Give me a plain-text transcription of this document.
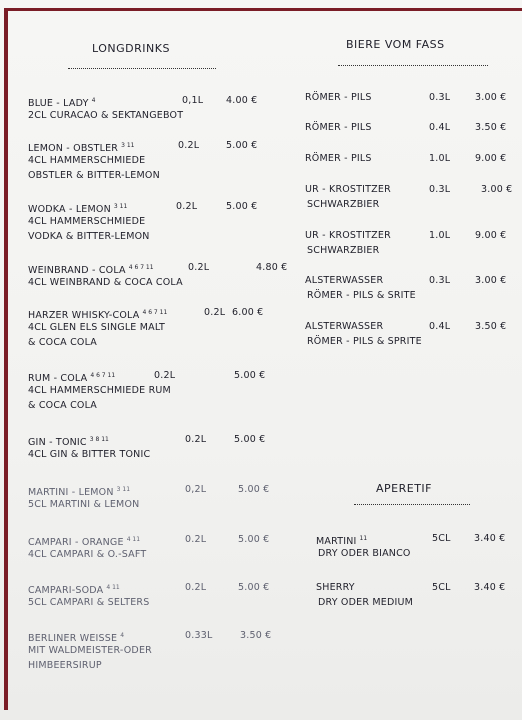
LONGDRINKS	BIERE VOM FASS
APERETIF
BLUE - LADY $^4$	0,1L 4.00 €
2CL CURACAO & SEKTANGEBOT
LEMON - OBSTLER $^{3 11}$	0.2L	5.00 €
4CL HAMMERSCHMIEDE
OBSTLER & BITTER-LEMON
WODKA - LEMON $^{3 11}$	0.2L	5.00 €
4CL HAMMERSCHMIEDE
VODKA & BITTER-LEMON
WEINBRAND - COLA $^{4 6 7 11}$	0.2L	4.80 €
4CL WEINBRAND & COCA COLA
HARZER WHISKY-COLA $^{4 6 7 11}$	0.2L 6.00 €
4CL GLEN ELS SINGLE MALT
& COCA COLA
RUM - COLA $^{4 6 7 11}$	0.2L	5.00 €
4CL HAMMERSCHMIEDE RUM
& COCA COLA
GIN - TONIC $^{3 8 11}$	0.2L	5.00 €
4CL GIN & BITTER TONIC
MARTINI - LEMON $^{3 11}$	0,2L	5.00 €
5CL MARTINI & LEMON
CAMPARI - ORANGE $^{4 11}$	0.2L	5.00 €
4CL CAMPARI & O.-SAFT
CAMPARI-SODA $^{4 11}$	0.2L	5.00 €
5CL CAMPARI & SELTERS
BERLINER WEISSE $^4$	0.33L	3.50 €
MIT WALDMEISTER-ODER
HIMBEERSIRUP
RÖMER - PILS	0.3L	3.00 €
RÖMER - PILS	0.4L	3.50 €
RÖMER - PILS	1.0L	9.00 €
UR - KROSTITZER	0.3L	3.00 €
SCHWARZBIER
UR - KROSTITZER	1.0L	9.00 €
SCHWARZBIER
ALSTERWASSER	0.3L	3.00 €
RÖMER - PILS & SRITE
ALSTERWASSER	0.4L	3.50 €
RÖMER - PILS & SPRITE
MARTINI $^{11}$	5CL 3.40 €
DRY ODER BIANCO
SHERRY	5CL 3.40 €
DRY ODER MEDIUM
